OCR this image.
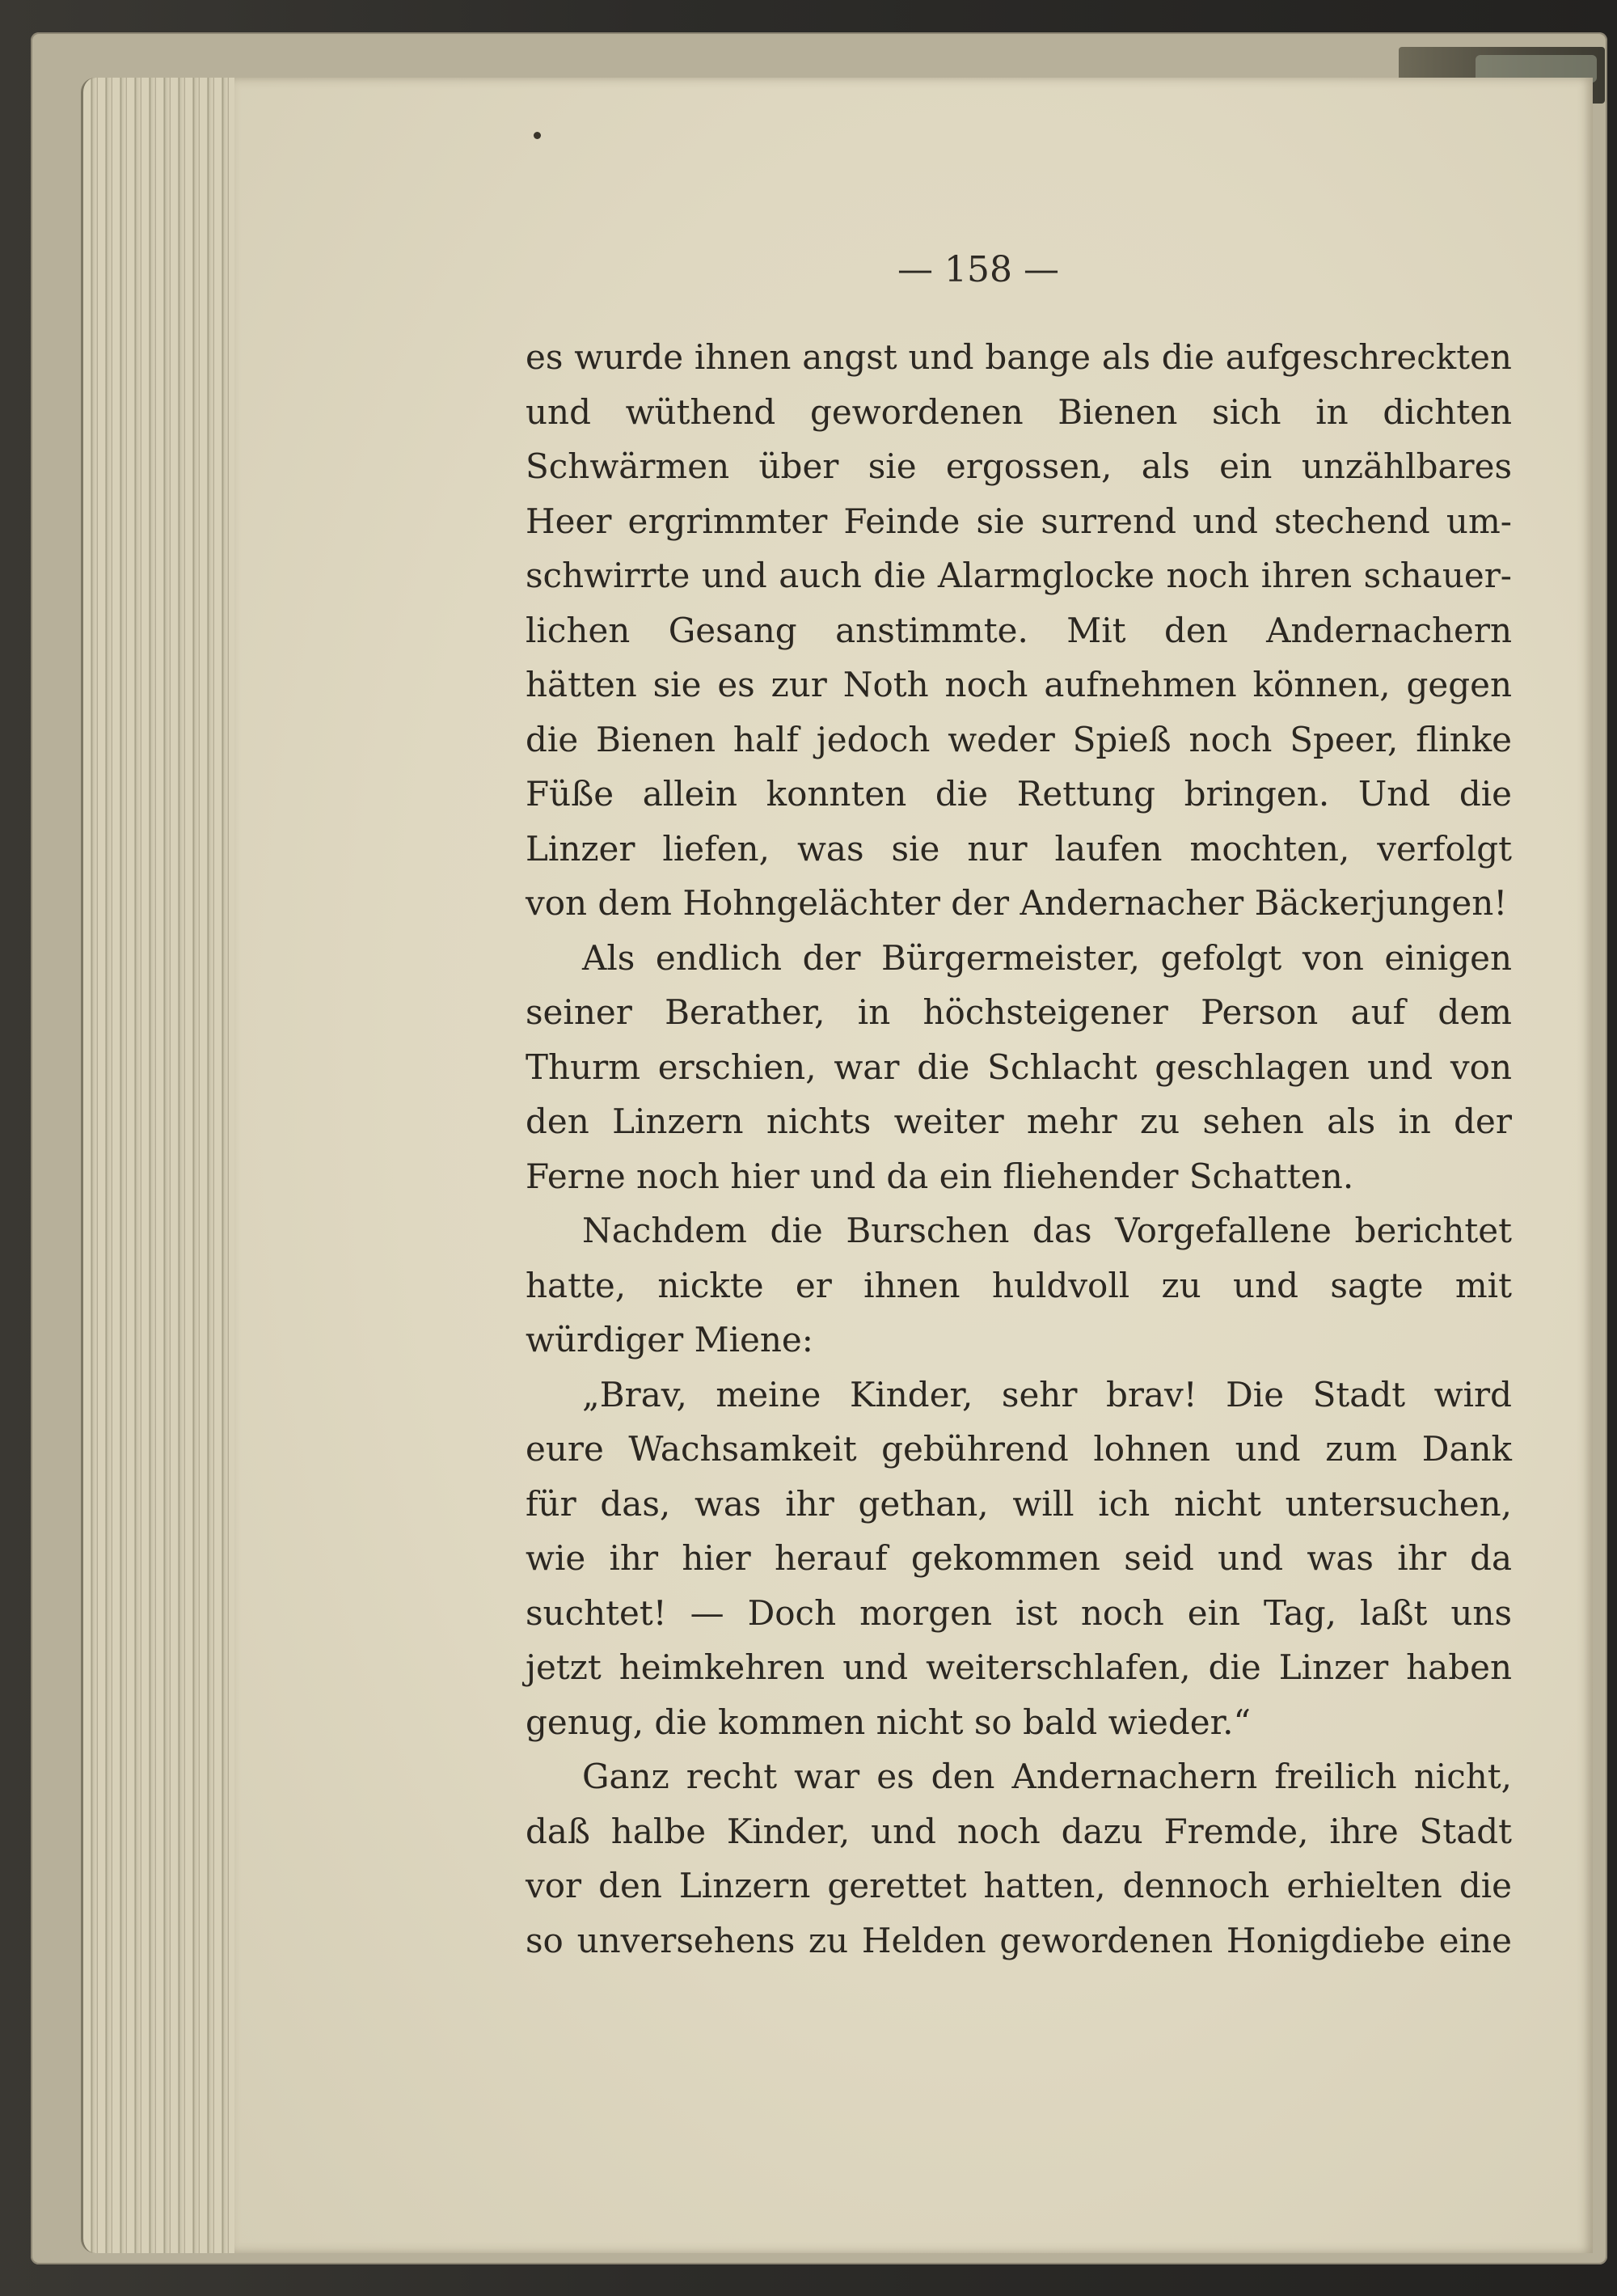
— 158 —
es wurde ihnen angst und bange als die aufgeschreckten
und wüthend gewordenen Bienen sich in dichten
Schwärmen über sie ergossen, als ein unzählbares
Heer ergrimmter Feinde sie surrend und stechend um-
schwirrte und auch die Alarmglocke noch ihren schauer-
lichen Gesang anstimmte. Mit den Andernachern
hätten sie es zur Noth noch aufnehmen können, gegen
die Bienen half jedoch weder Spieß noch Speer, flinke
Füße allein konnten die Rettung bringen. Und die
Linzer liefen, was sie nur laufen mochten, verfolgt
von dem Hohngelächter der Andernacher Bäckerjungen!
Als endlich der Bürgermeister, gefolgt von einigen
seiner Berather, in höchsteigener Person auf dem
Thurm erschien, war die Schlacht geschlagen und von
den Linzern nichts weiter mehr zu sehen als in der
Ferne noch hier und da ein fliehender Schatten.
Nachdem die Burschen das Vorgefallene berichtet
hatte, nickte er ihnen huldvoll zu und sagte mit
würdiger Miene:
„Brav, meine Kinder, sehr brav! Die Stadt wird
eure Wachsamkeit gebührend lohnen und zum Dank
für das, was ihr gethan, will ich nicht untersuchen,
wie ihr hier herauf gekommen seid und was ihr da
suchtet! — Doch morgen ist noch ein Tag, laßt uns
jetzt heimkehren und weiterschlafen, die Linzer haben
genug, die kommen nicht so bald wieder.“
Ganz recht war es den Andernachern freilich nicht,
daß halbe Kinder, und noch dazu Fremde, ihre Stadt
vor den Linzern gerettet hatten, dennoch erhielten die
so unversehens zu Helden gewordenen Honigdiebe eine
